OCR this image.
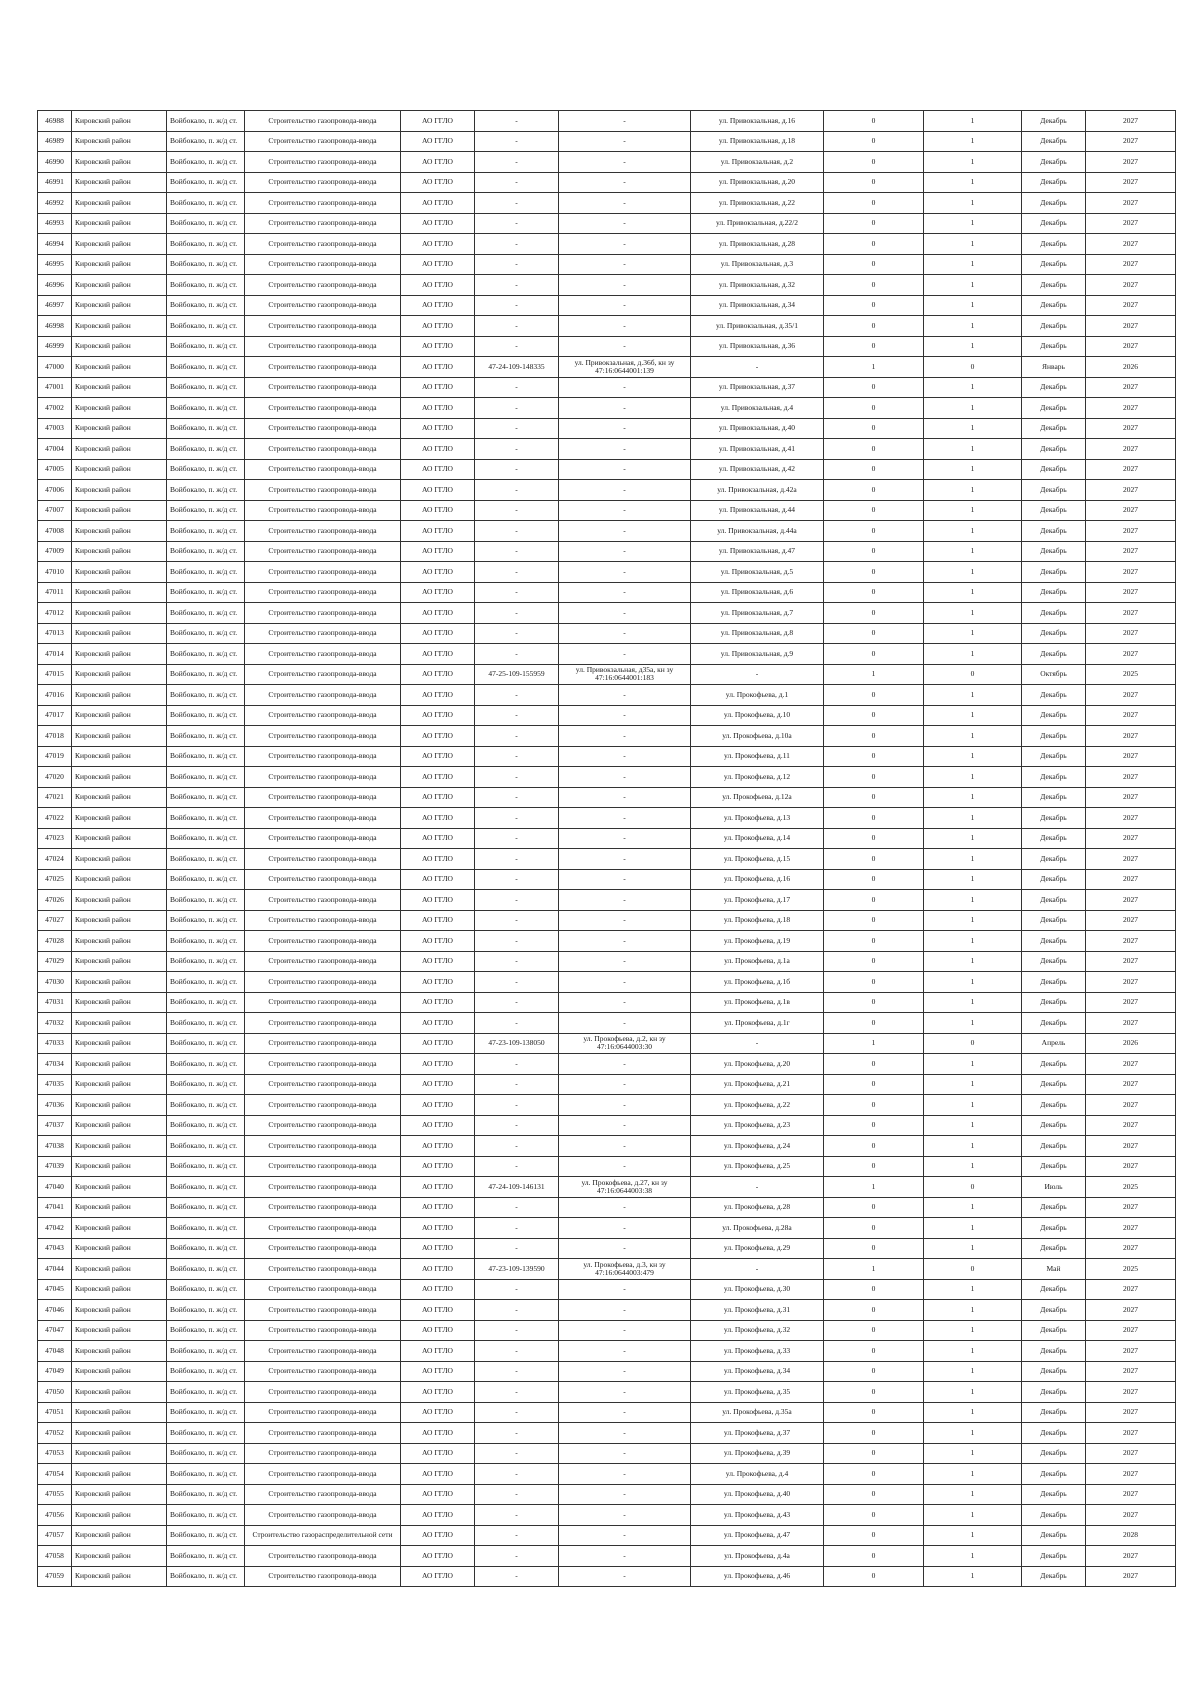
46988	Кировский район	Войбокало, п. ж/д ст.	Строительство газопровода-ввода	АО ГГЛО	-	-	ул. Привокзальная, д.16	0	1	Декабрь	2027
46989	Кировский район	Войбокало, п. ж/д ст.	Строительство газопровода-ввода	АО ГГЛО	-	-	ул. Привокзальная, д.18	0	1	Декабрь	2027
46990	Кировский район	Войбокало, п. ж/д ст.	Строительство газопровода-ввода	АО ГГЛО	-	-	ул. Привокзальная, д.2	0	1	Декабрь	2027
46991	Кировский район	Войбокало, п. ж/д ст.	Строительство газопровода-ввода	АО ГГЛО	-	-	ул. Привокзальная, д.20	0	1	Декабрь	2027
46992	Кировский район	Войбокало, п. ж/д ст.	Строительство газопровода-ввода	АО ГГЛО	-	-	ул. Привокзальная, д.22	0	1	Декабрь	2027
46993	Кировский район	Войбокало, п. ж/д ст.	Строительство газопровода-ввода	АО ГГЛО	-	-	ул. Привокзальная, д.22/2	0	1	Декабрь	2027
46994	Кировский район	Войбокало, п. ж/д ст.	Строительство газопровода-ввода	АО ГГЛО	-	-	ул. Привокзальная, д.28	0	1	Декабрь	2027
46995	Кировский район	Войбокало, п. ж/д ст.	Строительство газопровода-ввода	АО ГГЛО	-	-	ул. Привокзальная, д.3	0	1	Декабрь	2027
46996	Кировский район	Войбокало, п. ж/д ст.	Строительство газопровода-ввода	АО ГГЛО	-	-	ул. Привокзальная, д.32	0	1	Декабрь	2027
46997	Кировский район	Войбокало, п. ж/д ст.	Строительство газопровода-ввода	АО ГГЛО	-	-	ул. Привокзальная, д.34	0	1	Декабрь	2027
46998	Кировский район	Войбокало, п. ж/д ст.	Строительство газопровода-ввода	АО ГГЛО	-	-	ул. Привокзальная, д.35/1	0	1	Декабрь	2027
46999	Кировский район	Войбокало, п. ж/д ст.	Строительство газопровода-ввода	АО ГГЛО	-	-	ул. Привокзальная, д.36	0	1	Декабрь	2027
47000	Кировский район	Войбокало, п. ж/д ст.	Строительство газопровода-ввода	АО ГГЛО	47-24-109-148335	ул. Привокзальная, д.36б, кн зу 47:16:0644001:139	-	1	0	Январь	2026
47001	Кировский район	Войбокало, п. ж/д ст.	Строительство газопровода-ввода	АО ГГЛО	-	-	ул. Привокзальная, д.37	0	1	Декабрь	2027
47002	Кировский район	Войбокало, п. ж/д ст.	Строительство газопровода-ввода	АО ГГЛО	-	-	ул. Привокзальная, д.4	0	1	Декабрь	2027
47003	Кировский район	Войбокало, п. ж/д ст.	Строительство газопровода-ввода	АО ГГЛО	-	-	ул. Привокзальная, д.40	0	1	Декабрь	2027
47004	Кировский район	Войбокало, п. ж/д ст.	Строительство газопровода-ввода	АО ГГЛО	-	-	ул. Привокзальная, д.41	0	1	Декабрь	2027
47005	Кировский район	Войбокало, п. ж/д ст.	Строительство газопровода-ввода	АО ГГЛО	-	-	ул. Привокзальная, д.42	0	1	Декабрь	2027
47006	Кировский район	Войбокало, п. ж/д ст.	Строительство газопровода-ввода	АО ГГЛО	-	-	ул. Привокзальная, д.42а	0	1	Декабрь	2027
47007	Кировский район	Войбокало, п. ж/д ст.	Строительство газопровода-ввода	АО ГГЛО	-	-	ул. Привокзальная, д.44	0	1	Декабрь	2027
47008	Кировский район	Войбокало, п. ж/д ст.	Строительство газопровода-ввода	АО ГГЛО	-	-	ул. Привокзальная, д.44а	0	1	Декабрь	2027
47009	Кировский район	Войбокало, п. ж/д ст.	Строительство газопровода-ввода	АО ГГЛО	-	-	ул. Привокзальная, д.47	0	1	Декабрь	2027
47010	Кировский район	Войбокало, п. ж/д ст.	Строительство газопровода-ввода	АО ГГЛО	-	-	ул. Привокзальная, д.5	0	1	Декабрь	2027
47011	Кировский район	Войбокало, п. ж/д ст.	Строительство газопровода-ввода	АО ГГЛО	-	-	ул. Привокзальная, д.6	0	1	Декабрь	2027
47012	Кировский район	Войбокало, п. ж/д ст.	Строительство газопровода-ввода	АО ГГЛО	-	-	ул. Привокзальная, д.7	0	1	Декабрь	2027
47013	Кировский район	Войбокало, п. ж/д ст.	Строительство газопровода-ввода	АО ГГЛО	-	-	ул. Привокзальная, д.8	0	1	Декабрь	2027
47014	Кировский район	Войбокало, п. ж/д ст.	Строительство газопровода-ввода	АО ГГЛО	-	-	ул. Привокзальная, д.9	0	1	Декабрь	2027
47015	Кировский район	Войбокало, п. ж/д ст.	Строительство газопровода-ввода	АО ГГЛО	47-25-109-155959	ул. Привокзальная, д35а, кн зу 47:16:0644001:183	-	1	0	Октябрь	2025
47016	Кировский район	Войбокало, п. ж/д ст.	Строительство газопровода-ввода	АО ГГЛО	-	-	ул. Прокофьева, д.1	0	1	Декабрь	2027
47017	Кировский район	Войбокало, п. ж/д ст.	Строительство газопровода-ввода	АО ГГЛО	-	-	ул. Прокофьева, д.10	0	1	Декабрь	2027
47018	Кировский район	Войбокало, п. ж/д ст.	Строительство газопровода-ввода	АО ГГЛО	-	-	ул. Прокофьева, д.10а	0	1	Декабрь	2027
47019	Кировский район	Войбокало, п. ж/д ст.	Строительство газопровода-ввода	АО ГГЛО	-	-	ул. Прокофьева, д.11	0	1	Декабрь	2027
47020	Кировский район	Войбокало, п. ж/д ст.	Строительство газопровода-ввода	АО ГГЛО	-	-	ул. Прокофьева, д.12	0	1	Декабрь	2027
47021	Кировский район	Войбокало, п. ж/д ст.	Строительство газопровода-ввода	АО ГГЛО	-	-	ул. Прокофьева, д.12а	0	1	Декабрь	2027
47022	Кировский район	Войбокало, п. ж/д ст.	Строительство газопровода-ввода	АО ГГЛО	-	-	ул. Прокофьева, д.13	0	1	Декабрь	2027
47023	Кировский район	Войбокало, п. ж/д ст.	Строительство газопровода-ввода	АО ГГЛО	-	-	ул. Прокофьева, д.14	0	1	Декабрь	2027
47024	Кировский район	Войбокало, п. ж/д ст.	Строительство газопровода-ввода	АО ГГЛО	-	-	ул. Прокофьева, д.15	0	1	Декабрь	2027
47025	Кировский район	Войбокало, п. ж/д ст.	Строительство газопровода-ввода	АО ГГЛО	-	-	ул. Прокофьева, д.16	0	1	Декабрь	2027
47026	Кировский район	Войбокало, п. ж/д ст.	Строительство газопровода-ввода	АО ГГЛО	-	-	ул. Прокофьева, д.17	0	1	Декабрь	2027
47027	Кировский район	Войбокало, п. ж/д ст.	Строительство газопровода-ввода	АО ГГЛО	-	-	ул. Прокофьева, д.18	0	1	Декабрь	2027
47028	Кировский район	Войбокало, п. ж/д ст.	Строительство газопровода-ввода	АО ГГЛО	-	-	ул. Прокофьева, д.19	0	1	Декабрь	2027
47029	Кировский район	Войбокало, п. ж/д ст.	Строительство газопровода-ввода	АО ГГЛО	-	-	ул. Прокофьева, д.1а	0	1	Декабрь	2027
47030	Кировский район	Войбокало, п. ж/д ст.	Строительство газопровода-ввода	АО ГГЛО	-	-	ул. Прокофьева, д.1б	0	1	Декабрь	2027
47031	Кировский район	Войбокало, п. ж/д ст.	Строительство газопровода-ввода	АО ГГЛО	-	-	ул. Прокофьева, д.1в	0	1	Декабрь	2027
47032	Кировский район	Войбокало, п. ж/д ст.	Строительство газопровода-ввода	АО ГГЛО	-	-	ул. Прокофьева, д.1г	0	1	Декабрь	2027
47033	Кировский район	Войбокало, п. ж/д ст.	Строительство газопровода-ввода	АО ГГЛО	47-23-109-138050	ул. Прокофьева, д.2, кн зу 47:16:0644003:30	-	1	0	Апрель	2026
47034	Кировский район	Войбокало, п. ж/д ст.	Строительство газопровода-ввода	АО ГГЛО	-	-	ул. Прокофьева, д.20	0	1	Декабрь	2027
47035	Кировский район	Войбокало, п. ж/д ст.	Строительство газопровода-ввода	АО ГГЛО	-	-	ул. Прокофьева, д.21	0	1	Декабрь	2027
47036	Кировский район	Войбокало, п. ж/д ст.	Строительство газопровода-ввода	АО ГГЛО	-	-	ул. Прокофьева, д.22	0	1	Декабрь	2027
47037	Кировский район	Войбокало, п. ж/д ст.	Строительство газопровода-ввода	АО ГГЛО	-	-	ул. Прокофьева, д.23	0	1	Декабрь	2027
47038	Кировский район	Войбокало, п. ж/д ст.	Строительство газопровода-ввода	АО ГГЛО	-	-	ул. Прокофьева, д.24	0	1	Декабрь	2027
47039	Кировский район	Войбокало, п. ж/д ст.	Строительство газопровода-ввода	АО ГГЛО	-	-	ул. Прокофьева, д.25	0	1	Декабрь	2027
47040	Кировский район	Войбокало, п. ж/д ст.	Строительство газопровода-ввода	АО ГГЛО	47-24-109-146131	ул. Прокофьева, д.27, кн зу 47:16:0644003:38	-	1	0	Июль	2025
47041	Кировский район	Войбокало, п. ж/д ст.	Строительство газопровода-ввода	АО ГГЛО	-	-	ул. Прокофьева, д.28	0	1	Декабрь	2027
47042	Кировский район	Войбокало, п. ж/д ст.	Строительство газопровода-ввода	АО ГГЛО	-	-	ул. Прокофьева, д.28а	0	1	Декабрь	2027
47043	Кировский район	Войбокало, п. ж/д ст.	Строительство газопровода-ввода	АО ГГЛО	-	-	ул. Прокофьева, д.29	0	1	Декабрь	2027
47044	Кировский район	Войбокало, п. ж/д ст.	Строительство газопровода-ввода	АО ГГЛО	47-23-109-139590	ул. Прокофьева, д.3, кн зу 47:16:0644003:479	-	1	0	Май	2025
47045	Кировский район	Войбокало, п. ж/д ст.	Строительство газопровода-ввода	АО ГГЛО	-	-	ул. Прокофьева, д.30	0	1	Декабрь	2027
47046	Кировский район	Войбокало, п. ж/д ст.	Строительство газопровода-ввода	АО ГГЛО	-	-	ул. Прокофьева, д.31	0	1	Декабрь	2027
47047	Кировский район	Войбокало, п. ж/д ст.	Строительство газопровода-ввода	АО ГГЛО	-	-	ул. Прокофьева, д.32	0	1	Декабрь	2027
47048	Кировский район	Войбокало, п. ж/д ст.	Строительство газопровода-ввода	АО ГГЛО	-	-	ул. Прокофьева, д.33	0	1	Декабрь	2027
47049	Кировский район	Войбокало, п. ж/д ст.	Строительство газопровода-ввода	АО ГГЛО	-	-	ул. Прокофьева, д.34	0	1	Декабрь	2027
47050	Кировский район	Войбокало, п. ж/д ст.	Строительство газопровода-ввода	АО ГГЛО	-	-	ул. Прокофьева, д.35	0	1	Декабрь	2027
47051	Кировский район	Войбокало, п. ж/д ст.	Строительство газопровода-ввода	АО ГГЛО	-	-	ул. Прокофьева, д.35а	0	1	Декабрь	2027
47052	Кировский район	Войбокало, п. ж/д ст.	Строительство газопровода-ввода	АО ГГЛО	-	-	ул. Прокофьева, д.37	0	1	Декабрь	2027
47053	Кировский район	Войбокало, п. ж/д ст.	Строительство газопровода-ввода	АО ГГЛО	-	-	ул. Прокофьева, д.39	0	1	Декабрь	2027
47054	Кировский район	Войбокало, п. ж/д ст.	Строительство газопровода-ввода	АО ГГЛО	-	-	ул. Прокофьева, д.4	0	1	Декабрь	2027
47055	Кировский район	Войбокало, п. ж/д ст.	Строительство газопровода-ввода	АО ГГЛО	-	-	ул. Прокофьева, д.40	0	1	Декабрь	2027
47056	Кировский район	Войбокало, п. ж/д ст.	Строительство газопровода-ввода	АО ГГЛО	-	-	ул. Прокофьева, д.43	0	1	Декабрь	2027
47057	Кировский район	Войбокало, п. ж/д ст.	Строительство газораспределительной сети	АО ГГЛО	-	-	ул. Прокофьева, д.47	0	1	Декабрь	2028
47058	Кировский район	Войбокало, п. ж/д ст.	Строительство газопровода-ввода	АО ГГЛО	-	-	ул. Прокофьева, д.4а	0	1	Декабрь	2027
47059	Кировский район	Войбокало, п. ж/д ст.	Строительство газопровода-ввода	АО ГГЛО	-	-	ул. Прокофьева, д.46	0	1	Декабрь	2027
